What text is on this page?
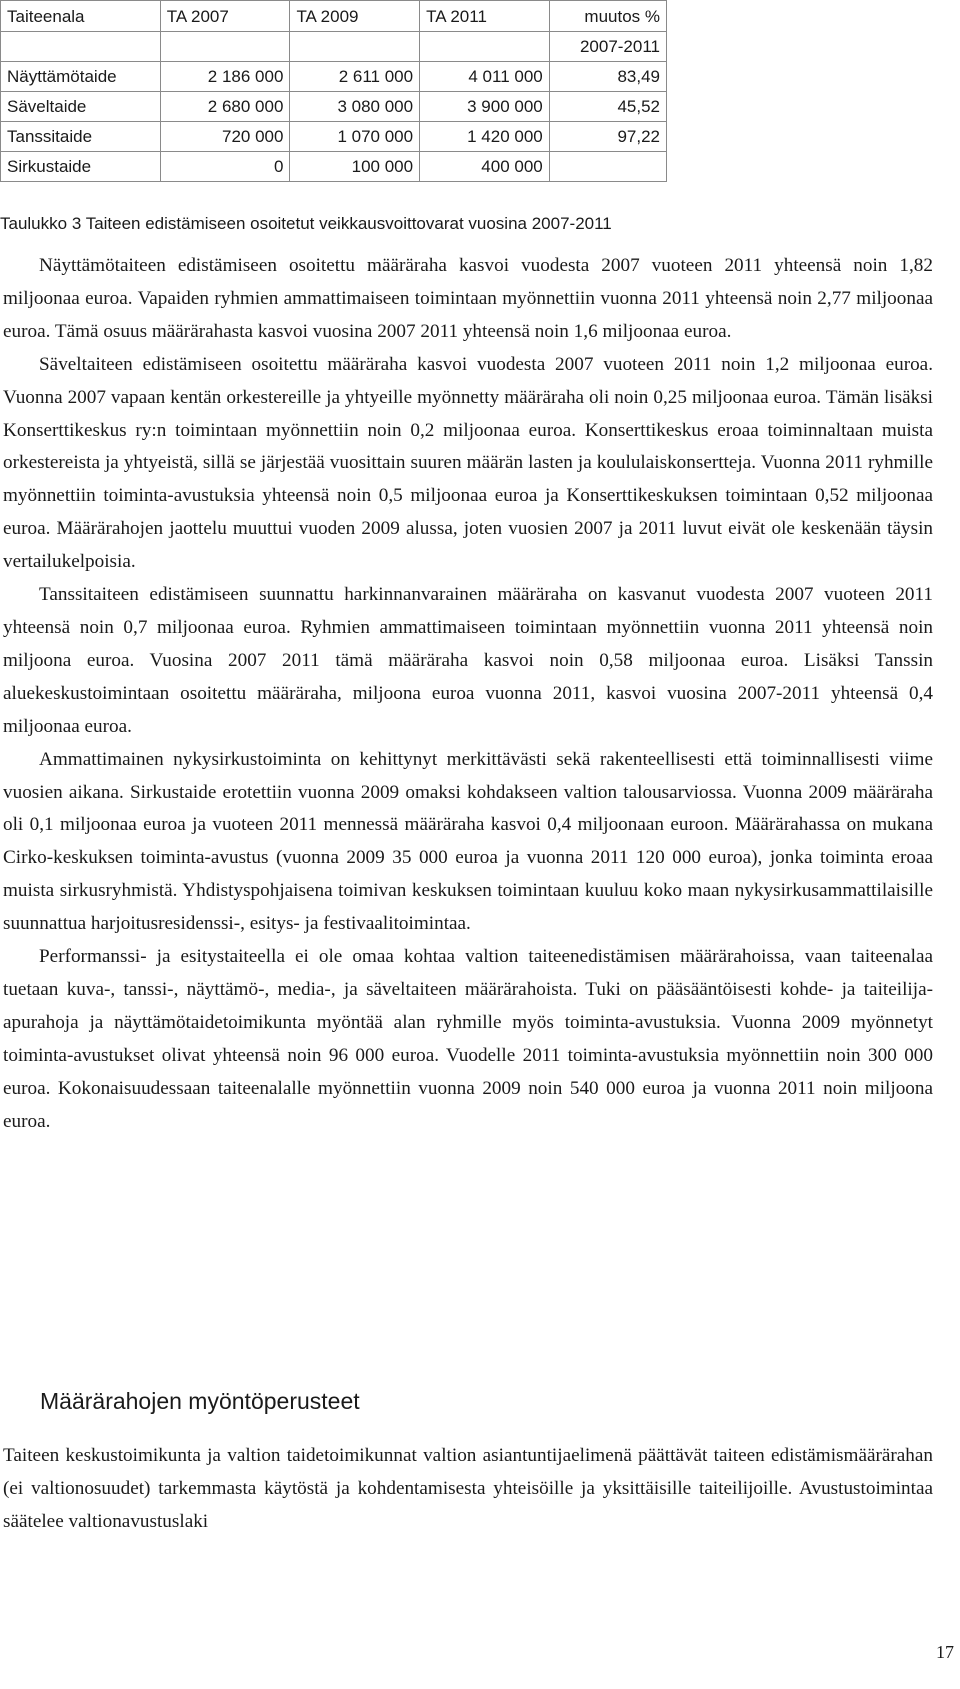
Taiteenala	TA 2007	TA 2009	TA 2011	muutos %
				2007-2011
Näyttämötaide	2 186 000	2 611 000	4 011 000	83,49
Säveltaide	2 680 000	3 080 000	3 900 000	45,52
Tanssitaide	720 000	1 070 000	1 420 000	97,22
Sirkustaide	0	100 000	400 000	
Taulukko 3 Taiteen edistämiseen osoitetut veikkausvoittovarat vuosina 2007-2011

Näyttämötaiteen edistämiseen osoitettu määräraha kasvoi vuodesta 2007 vuoteen 2011 yhteensä noin 1,82 miljoonaa euroa. Vapaiden ryhmien ammattimaiseen toimintaan myönnettiin vuonna 2011 yhteensä noin 2,77 miljoonaa euroa. Tämä osuus määrärahasta kasvoi vuosina 2007 2011 yhteensä noin 1,6 miljoonaa euroa.

Säveltaiteen edistämiseen osoitettu määräraha kasvoi vuodesta 2007 vuoteen 2011 noin 1,2 miljoonaa euroa. Vuonna 2007 vapaan kentän orkestereille ja yhtyeille myönnetty määräraha oli noin 0,25 miljoonaa euroa. Tämän lisäksi Konserttikeskus ry:n toimintaan myönnettiin noin 0,2 miljoonaa euroa. Konserttikeskus eroaa toiminnaltaan muista orkestereista ja yhtyeistä, sillä se järjestää vuosittain suuren määrän lasten ja koululaiskonsertteja. Vuonna 2011 ryhmille myönnettiin toiminta-avustuksia yhteensä noin 0,5 miljoonaa euroa ja Konserttikeskuksen toimintaan 0,52 miljoonaa euroa. Määrärahojen jaottelu muuttui vuoden 2009 alussa, joten vuosien 2007 ja 2011 luvut eivät ole keskenään täysin vertailukelpoisia.

Tanssitaiteen edistämiseen suunnattu harkinnanvarainen määräraha on kasvanut vuodesta 2007 vuoteen 2011 yhteensä noin 0,7 miljoonaa euroa. Ryhmien ammattimaiseen toimintaan myönnettiin vuonna 2011 yhteensä noin miljoona euroa. Vuosina 2007 2011 tämä määräraha kasvoi noin 0,58 miljoonaa euroa. Lisäksi Tanssin aluekeskustoimintaan osoitettu määräraha, miljoona euroa vuonna 2011, kasvoi vuosina 2007-2011 yhteensä 0,4 miljoonaa euroa.

Ammattimainen nykysirkustoiminta on kehittynyt merkittävästi sekä rakenteellisesti että toiminnallisesti viime vuosien aikana. Sirkustaide erotettiin vuonna 2009 omaksi kohdakseen valtion talousarviossa. Vuonna 2009 määräraha oli 0,1 miljoonaa euroa ja vuoteen 2011 mennessä määräraha kasvoi 0,4 miljoonaan euroon. Määrärahassa on mukana Cirko-keskuksen toiminta-avustus (vuonna 2009 35 000 euroa ja vuonna 2011 120 000 euroa), jonka toiminta eroaa muista sirkusryhmistä. Yhdistyspohjaisena toimivan keskuksen toimintaan kuuluu koko maan nykysirkusammattilaisille suunnattua harjoitusresidenssi-, esitys- ja festivaalitoimintaa.

Performanssi- ja esitystaiteella ei ole omaa kohtaa valtion taiteenedistämisen määrärahoissa, vaan taiteenalaa tuetaan kuva-, tanssi-, näyttämö-, media-, ja säveltaiteen määrärahoista. Tuki on pääsääntöisesti kohde- ja taiteilija-apurahoja ja näyttämötaidetoimikunta myöntää alan ryhmille myös toiminta-avustuksia. Vuonna 2009 myönnetyt toiminta-avustukset olivat yhteensä noin 96 000 euroa. Vuodelle 2011 toiminta-avustuksia myönnettiin noin 300 000 euroa. Kokonaisuudessaan taiteenalalle myönnettiin vuonna 2009 noin 540 000 euroa ja vuonna 2011 noin miljoona euroa.

Määrärahojen myöntöperusteet

Taiteen keskustoimikunta ja valtion taidetoimikunnat valtion asiantuntijaelimenä päättävät taiteen edistämismäärärahan (ei valtionosuudet) tarkemmasta käytöstä ja kohdentamisesta yhteisöille ja yksittäisille taiteilijoille. Avustustoimintaa säätelee valtionavustuslaki

17
